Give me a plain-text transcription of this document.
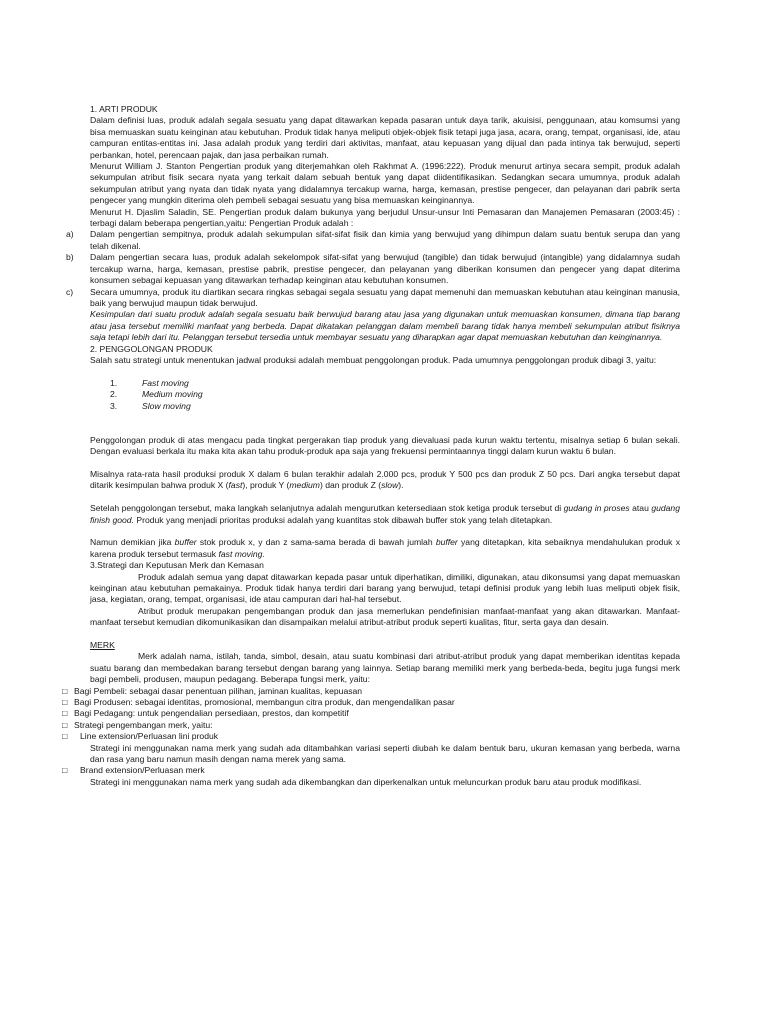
1. ARTI PRODUK

Dalam definisi luas, produk adalah segala sesuatu yang dapat ditawarkan kepada pasaran untuk daya tarik, akuisisi, penggunaan, atau komsumsi yang bisa memuaskan suatu keinginan atau kebutuhan. Produk tidak hanya meliputi objek-objek fisik tetapi juga jasa, acara, orang, tempat, organisasi, ide, atau campuran entitas-entitas ini. Jasa adalah produk yang terdiri dari aktivitas, manfaat, atau kepuasan yang dijual dan pada intinya tak berwujud, seperti perbankan, hotel, perencaan pajak, dan jasa perbaikan rumah.

Menurut William J. Stanton Pengertian produk yang diterjemahkan oleh Rakhmat A. (1996:222). Produk menurut artinya secara sempit, produk adalah sekumpulan atribut fisik secara nyata yang terkait dalam sebuah bentuk yang dapat diidentifikasikan. Sedangkan secara umumnya, produk adalah sekumpulan atribut yang nyata dan tidak nyata yang didalamnya tercakup warna, harga, kemasan, prestise pengecer, dan pelayanan dari pabrik serta pengecer yang mungkin diterima oleh pembeli sebagai sesuatu yang bisa memuaskan keinginannya.

Menurut H. Djaslim Saladin, SE. Pengertian produk dalam bukunya yang berjudul Unsur-unsur Inti Pemasaran dan Manajemen Pemasaran (2003:45) : terbagi dalam beberapa pengertian,yaitu: Pengertian Produk adalah :

a) Dalam pengertian sempitnya, produk adalah sekumpulan sifat-sifat fisik dan kimia yang berwujud yang dihimpun dalam suatu bentuk serupa dan yang telah dikenal.
b) Dalam pengertian secara luas, produk adalah sekelompok sifat-sifat yang berwujud (tangible) dan tidak berwujud (intangible) yang didalamnya sudah tercakup warna, harga, kemasan, prestise pabrik, prestise pengecer, dan pelayanan yang diberikan konsumen dan pengecer yang dapat diterima konsumen sebagai kepuasan yang ditawarkan terhadap keinginan atau kebutuhan konsumen.
c) Secara umumnya, produk itu diartikan secara ringkas sebagai segala sesuatu yang dapat memenuhi dan memuaskan kebutuhan atau keinginan manusia, baik yang berwujud maupun tidak berwujud.

Kesimpulan dari suatu produk adalah segala sesuatu baik berwujud barang atau jasa yang digunakan untuk memuaskan konsumen, dimana tiap barang atau jasa tersebut memiliki manfaat yang berbeda. Dapat dikatakan pelanggan dalam membeli barang tidak hanya membeli sekumpulan atribut fisiknya saja tetapi lebih dari itu. Pelanggan tersebut tersedia untuk membayar sesuatu yang diharapkan agar dapat memuaskan kebutuhan dan keinginannya.

2. PENGGOLONGAN PRODUK

Salah satu strategi untuk menentukan jadwal produksi adalah membuat penggolongan produk. Pada umumnya penggolongan produk dibagi 3, yaitu:

1.	Fast moving
2.	Medium moving
3.	Slow moving

Penggolongan produk di atas mengacu pada tingkat pergerakan tiap produk yang dievaluasi pada kurun waktu tertentu, misalnya setiap 6 bulan sekali. Dengan evaluasi berkala itu maka kita akan tahu produk-produk apa saja yang frekuensi permintaannya tinggi dalam kurun waktu 6 bulan.

Misalnya rata-rata hasil produksi produk X dalam 6 bulan terakhir adalah 2.000 pcs, produk Y 500 pcs dan produk Z 50 pcs. Dari angka tersebut dapat ditarik kesimpulan bahwa produk X (fast), produk Y (medium) dan produk Z (slow).

Setelah penggolongan tersebut, maka langkah selanjutnya adalah mengurutkan ketersediaan stok ketiga produk tersebut di gudang in proses atau gudang finish good. Produk yang menjadi prioritas produksi adalah yang kuantitas stok dibawah buffer stok yang telah ditetapkan.

Namun demikian jika buffer stok produk x, y dan z sama-sama berada di bawah jumlah buffer yang ditetapkan, kita sebaiknya mendahulukan produk x karena produk tersebut termasuk fast moving.

3.Strategi dan Keputusan Merk dan Kemasan

Produk adalah semua yang dapat ditawarkan kepada pasar untuk diperhatikan, dimiliki, digunakan, atau dikonsumsi yang dapat memuaskan keinginan atau kebutuhan pemakainya. Produk tidak hanya terdiri dari barang yang berwujud, tetapi definisi produk yang lebih luas meliputi objek fisik, jasa, kegiatan, orang, tempat, organisasi, ide atau campuran dari hal-hal tersebut.

Atribut produk merupakan pengembangan produk dan jasa memerlukan pendefinisian manfaat-manfaat yang akan ditawarkan. Manfaat-manfaat tersebut kemudian dikomunikasikan dan disampaikan melalui atribut-atribut produk seperti kualitas, fitur, serta gaya dan desain.

MERK

Merk adalah nama, istilah, tanda, simbol, desain, atau suatu kombinasi dari atribut-atribut produk yang dapat memberikan identitas kepada suatu barang dan membedakan barang tersebut dengan barang yang lainnya. Setiap barang memiliki merk yang berbeda-beda, begitu juga fungsi merk bagi pembeli, produsen, maupun pedagang. Beberapa fungsi merk, yaitu:

□ Bagi Pembeli: sebagai dasar penentuan pilihan, jaminan kualitas, kepuasan
□ Bagi Produsen: sebagai identitas, promosional, membangun citra produk, dan mengendalikan pasar
□ Bagi Pedagang: untuk pengendalian persediaan, prestos, dan kompetitif
□ Strategi pengembangan merk, yaitu:
□ Line extension/Perluasan lini produk

Strategi ini menggunakan nama merk yang sudah ada ditambahkan variasi seperti diubah ke dalam bentuk baru, ukuran kemasan yang berbeda, warna dan rasa yang baru namun masih dengan nama merek yang sama.

□ Brand extension/Perluasan merk

Strategi ini menggunakan nama merk yang sudah ada dikembangkan dan diperkenalkan untuk meluncurkan produk baru atau produk modifikasi.
